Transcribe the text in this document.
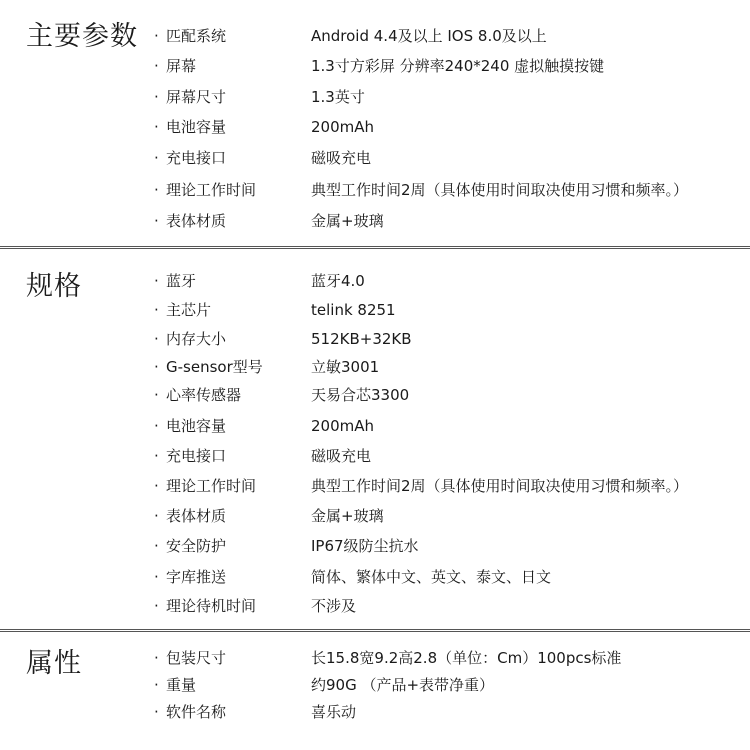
主要参数 · 匹配系统	Android 4.4及以上 IOS 8.0及以上
· 屏幕	1.3寸方彩屏 分辨率240*240 虚拟触摸按键
· 屏幕尺寸	1.3英寸
· 电池容量	200mAh
· 充电接口	磁吸充电
· 理论工作时间	典型工作时间2周（具体使用时间取决使用习惯和频率。）
· 表体材质	金属+玻璃
规格	· 蓝牙	蓝牙4.0
· 主芯片	telink 8251
· 内存大小	512KB+32KB
· G-sensor型号	立敏3001
· 心率传感器	天易合芯3300
· 电池容量	200mAh
· 充电接口	磁吸充电
· 理论工作时间	典型工作时间2周（具体使用时间取决使用习惯和频率。）
· 表体材质	金属+玻璃
· 安全防护	IP67级防尘抗水
· 字库推送	简体、繁体中文、英文、泰文、日文
· 理论待机时间	不涉及
属性	· 包装尺寸	长15.8宽9.2高2.8（单位：Cm）100pcs标准
· 重量	约90G （产品+表带净重）
· 软件名称	喜乐动
